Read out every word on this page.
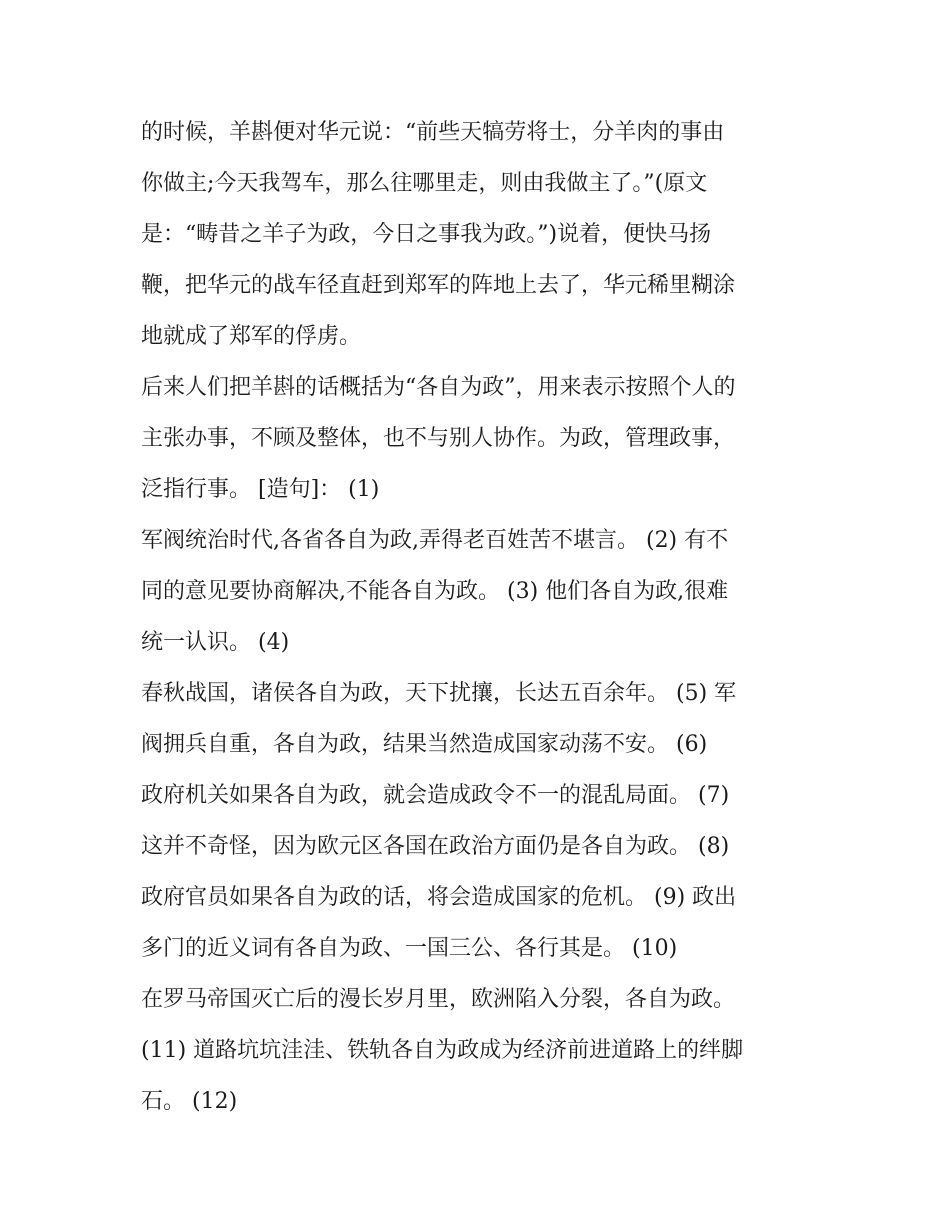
的时候，羊斟便对华元说：“前些天犒劳将士，分羊肉的事由
你做主;今天我驾车，那么往哪里走，则由我做主了。”(原文
是：“畴昔之羊子为政，今日之事我为政。”)说着，便快马扬
鞭，把华元的战车径直赶到郑军的阵地上去了，华元稀里糊涂
地就成了郑军的俘虏。
后来人们把羊斟的话概括为“各自为政”，用来表示按照个人的
主张办事，不顾及整体，也不与别人协作。为政，管理政事，
泛指行事。 [造句]： (1)
军阀统治时代,各省各自为政,弄得老百姓苦不堪言。 (2) 有不
同的意见要协商解决,不能各自为政。 (3) 他们各自为政,很难
统一认识。 (4)
春秋战国，诸侯各自为政，天下扰攘，长达五百余年。 (5) 军
阀拥兵自重，各自为政，结果当然造成国家动荡不安。 (6)
政府机关如果各自为政，就会造成政令不一的混乱局面。 (7)
这并不奇怪，因为欧元区各国在政治方面仍是各自为政。 (8)
政府官员如果各自为政的话，将会造成国家的危机。 (9) 政出
多门的近义词有各自为政、一国三公、各行其是。 (10)
在罗马帝国灭亡后的漫长岁月里，欧洲陷入分裂，各自为政。
(11) 道路坑坑洼洼、铁轨各自为政成为经济前进道路上的绊脚
石。 (12)
